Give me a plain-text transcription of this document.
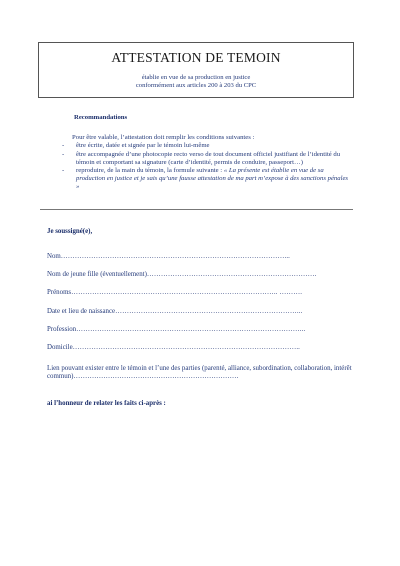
ATTESTATION DE TEMOIN
établie en vue de sa production en justice
conformément aux articles 200 à 203 du CPC
Recommandations
Pour être valable, l’attestation doit remplir les conditions suivantes :
- être écrite, datée et signée par le témoin lui-même
- être accompagnée d’une photocopie recto verso de tout document officiel justifiant de l’identité du témoin et comportant sa signature (carte d’identité, permis de conduire, passeport…)
- reproduire, de la main du témoin, la formule suivante : « La présente est établie en vue de sa production en justice et je sais qu’une fausse attestation de ma part m’expose à des sanctions pénales »
Je soussigné(e),
Nom……………………………………………………………………………………...
Nom de jeune fille (éventuellement)……………………………………………………………….
Prénoms…………………………………………………………………………….. ……….
Date et lieu de naissance……………………………………………………………………...
Profession……………………………………………………………………………………...
Domicile……………………………………………………………………………………..
Lien pouvant exister entre le témoin et l’une des parties (parenté, alliance, subordination, collaboration, intérêt commun)………………………………………………………………
ai l’honneur de relater les faits ci-après :
